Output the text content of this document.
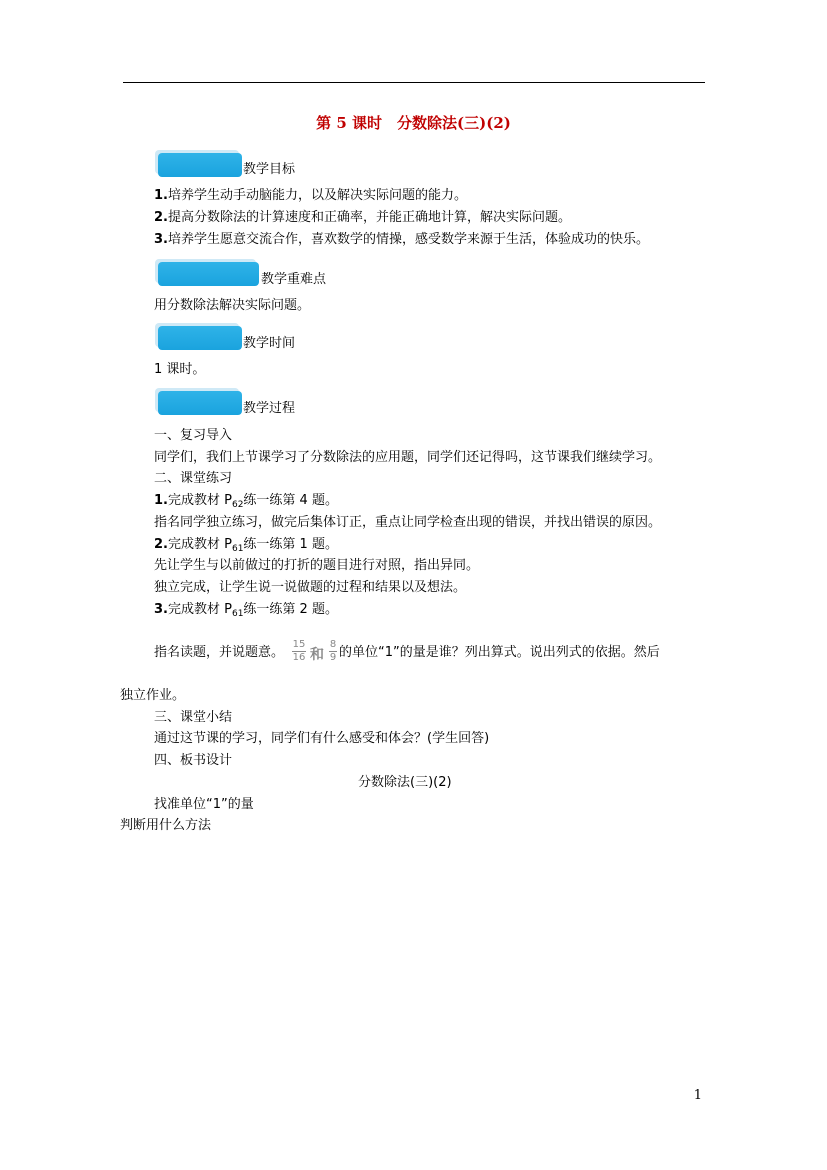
第 5 课时　分数除法(三)(2)
教学目标
1.培养学生动手动脑能力，以及解决实际问题的能力。
2.提高分数除法的计算速度和正确率，并能正确地计算，解决实际问题。
3.培养学生愿意交流合作，喜欢数学的情操，感受数学来源于生活，体验成功的快乐。
教学重难点
用分数除法解决实际问题。
教学时间
1 课时。
教学过程
一、复习导入
同学们，我们上节课学习了分数除法的应用题，同学们还记得吗，这节课我们继续学习。
二、课堂练习
1.完成教材 $P_{62}$练一练第 4 题。
指名同学独立练习，做完后集体订正，重点让同学检查出现的错误，并找出错误的原因。
2.完成教材 $P_{61}$练一练第 1 题。
先让学生与以前做过的打折的题目进行对照，指出异同。
独立完成，让学生说一说做题的过程和结果以及想法。
3.完成教材 $P_{61}$练一练第 2 题。
指名读题，并说题意。
15
16 和
8
9 的单位“1”的量是谁？列出算式。说出列式的依据。然后
独立作业。
三、课堂小结
通过这节课的学习，同学们有什么感受和体会？(学生回答)
四、板书设计
分数除法(三)(2)
找准单位“1”的量
判断用什么方法
1
